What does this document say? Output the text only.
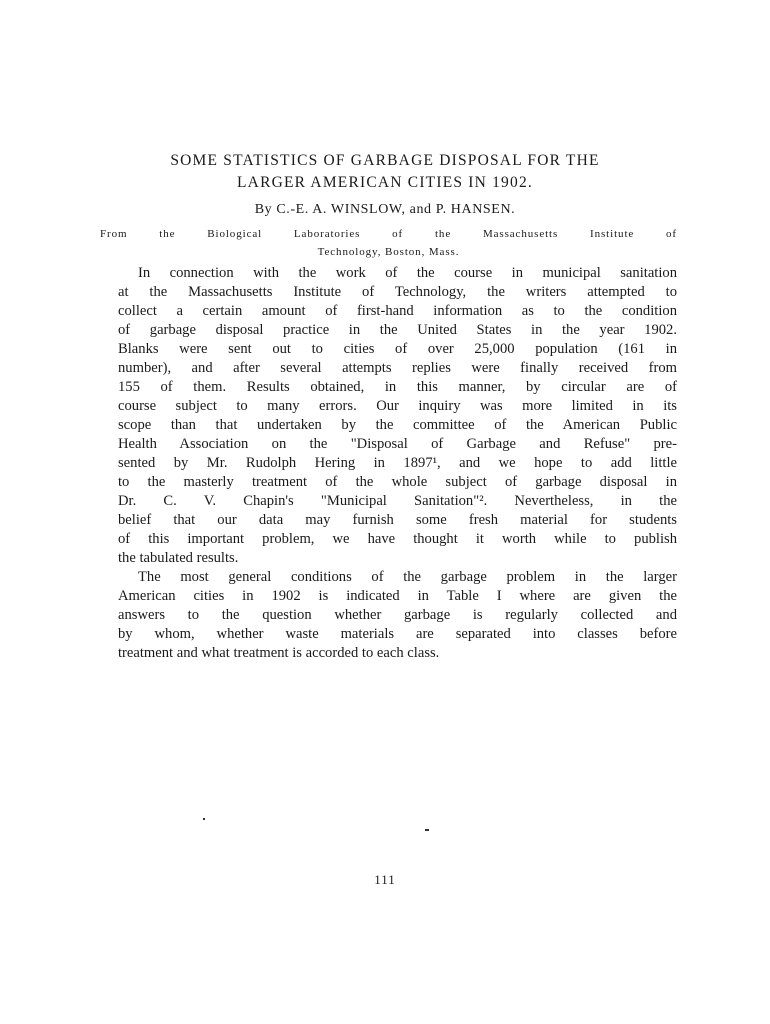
SOME STATISTICS OF GARBAGE DISPOSAL FOR THE
LARGER AMERICAN CITIES IN 1902.
By C.-E. A. WINSLOW, and P. HANSEN.
From the Biological Laboratories of the Massachusetts Institute of
Technology, Boston, Mass.
In connection with the work of the course in municipal sanitation
at the Massachusetts Institute of Technology, the writers attempted to
collect a certain amount of first-hand information as to the condition
of garbage disposal practice in the United States in the year 1902.
Blanks were sent out to cities of over 25,000 population (161 in
number), and after several attempts replies were finally received from
155 of them. Results obtained, in this manner, by circular are of
course subject to many errors. Our inquiry was more limited in its
scope than that undertaken by the committee of the American Public
Health Association on the "Disposal of Garbage and Refuse" pre-
sented by Mr. Rudolph Hering in 1897¹, and we hope to add little
to the masterly treatment of the whole subject of garbage disposal in
Dr. C. V. Chapin's "Municipal Sanitation"². Nevertheless, in the
belief that our data may furnish some fresh material for students
of this important problem, we have thought it worth while to publish
the tabulated results.
The most general conditions of the garbage problem in the larger
American cities in 1902 is indicated in Table I where are given the
answers to the question whether garbage is regularly collected and
by whom, whether waste materials are separated into classes before
treatment and what treatment is accorded to each class.
111
